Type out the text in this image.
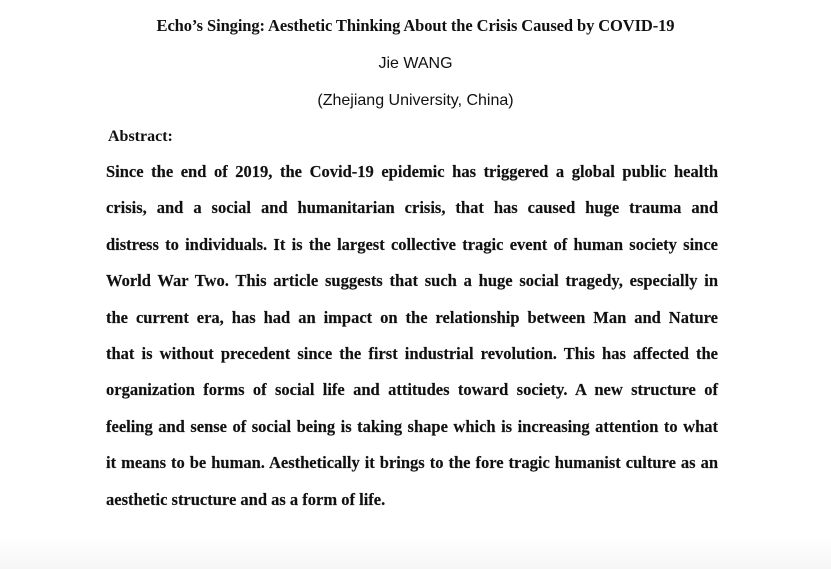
Echo’s Singing: Aesthetic Thinking About the Crisis Caused by COVID-19
Jie WANG
(Zhejiang University, China)
Abstract:
Since the end of 2019, the Covid-19 epidemic has triggered a global public health
crisis, and a social and humanitarian crisis, that has caused huge trauma and
distress to individuals. It is the largest collective tragic event of human society since
World War Two. This article suggests that such a huge social tragedy, especially in
the current era, has had an impact on the relationship between Man and Nature
that is without precedent since the first industrial revolution. This has affected the
organization forms of social life and attitudes toward society. A new structure of
feeling and sense of social being is taking shape which is increasing attention to what
it means to be human. Aesthetically it brings to the fore tragic humanist culture as an
aesthetic structure and as a form of life.
